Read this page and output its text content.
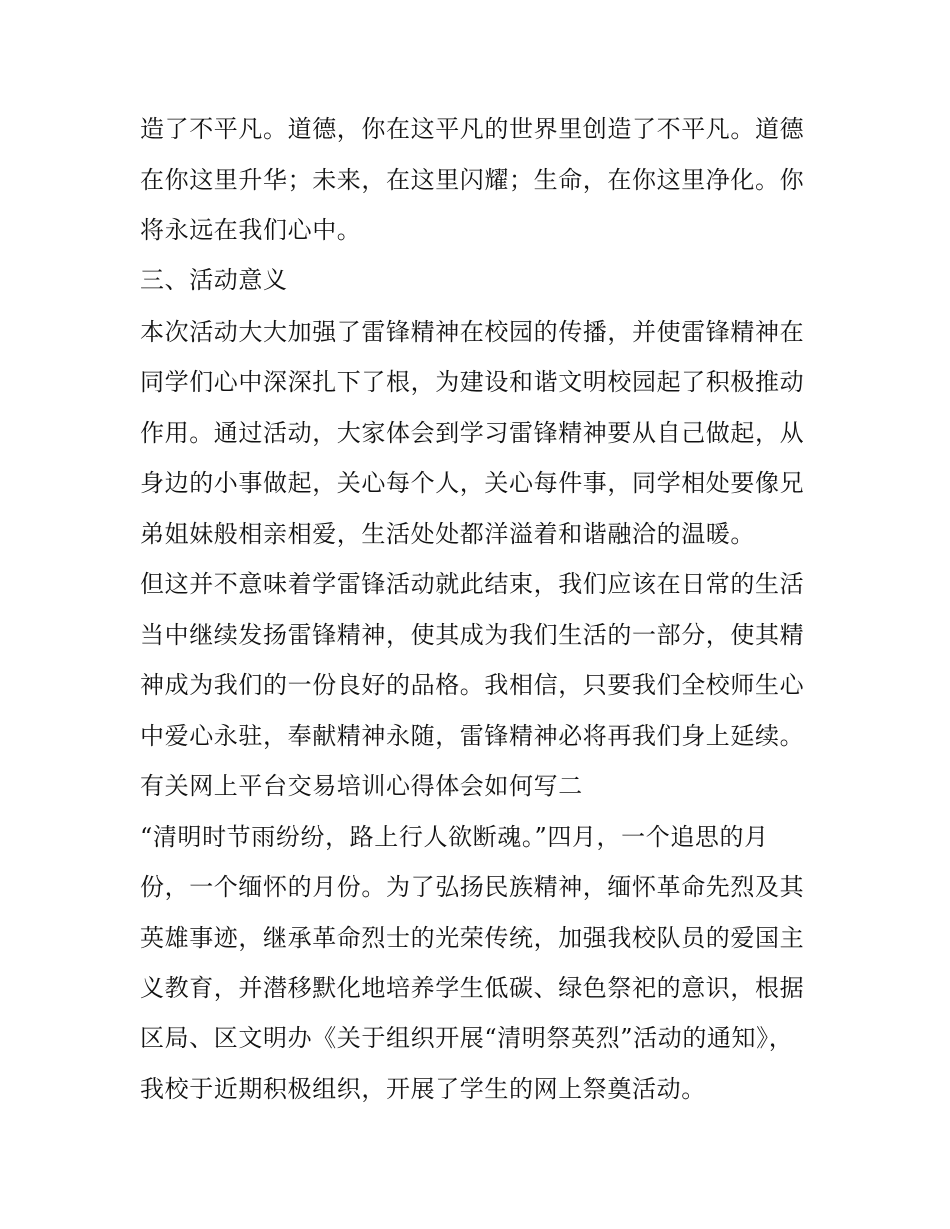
造了不平凡。道德，你在这平凡的世界里创造了不平凡。道德
在你这里升华；未来，在这里闪耀；生命，在你这里净化。你
将永远在我们心中。
三、活动意义
本次活动大大加强了雷锋精神在校园的传播，并使雷锋精神在
同学们心中深深扎下了根，为建设和谐文明校园起了积极推动
作用。通过活动，大家体会到学习雷锋精神要从自己做起，从
身边的小事做起，关心每个人，关心每件事，同学相处要像兄
弟姐妹般相亲相爱，生活处处都洋溢着和谐融洽的温暖。
但这并不意味着学雷锋活动就此结束，我们应该在日常的生活
当中继续发扬雷锋精神，使其成为我们生活的一部分，使其精
神成为我们的一份良好的品格。我相信，只要我们全校师生心
中爱心永驻，奉献精神永随，雷锋精神必将再我们身上延续。
有关网上平台交易培训心得体会如何写二
“清明时节雨纷纷，路上行人欲断魂。”四月，一个追思的月
份，一个缅怀的月份。为了弘扬民族精神，缅怀革命先烈及其
英雄事迹，继承革命烈士的光荣传统，加强我校队员的爱国主
义教育，并潜移默化地培养学生低碳、绿色祭祀的意识，根据
区局、区文明办《关于组织开展“清明祭英烈”活动的通知》，
我校于近期积极组织，开展了学生的网上祭奠活动。
